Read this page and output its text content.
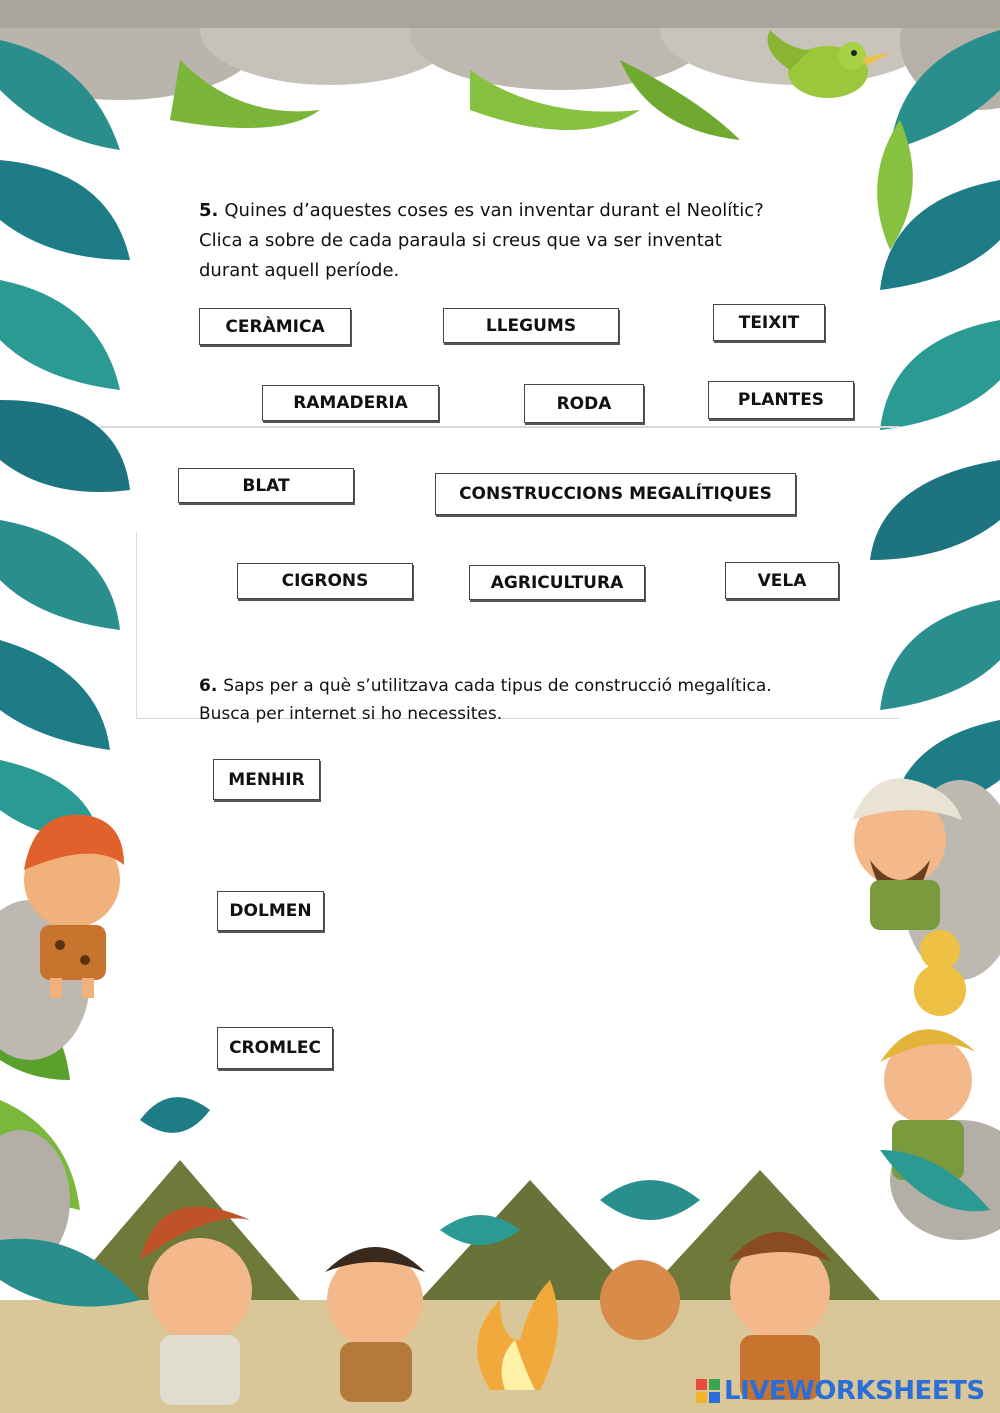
5. Quines d’aquestes coses es van inventar durant el Neolític?
Clica a sobre de cada paraula si creus que va ser inventat
durant aquell període.
CERÀMICA	LLEGUMS	TEIXIT
RAMADERIA	RODA	PLANTES
BLAT	CONSTRUCCIONS MEGALÍTIQUES
CIGRONS	AGRICULTURA	VELA
6. Saps per a què s’utilitzava cada tipus de construcció megalítica.
Busca per internet si ho necessites.
MENHIR
DOLMEN
CROMLEC
LIVEWORKSHEETS
